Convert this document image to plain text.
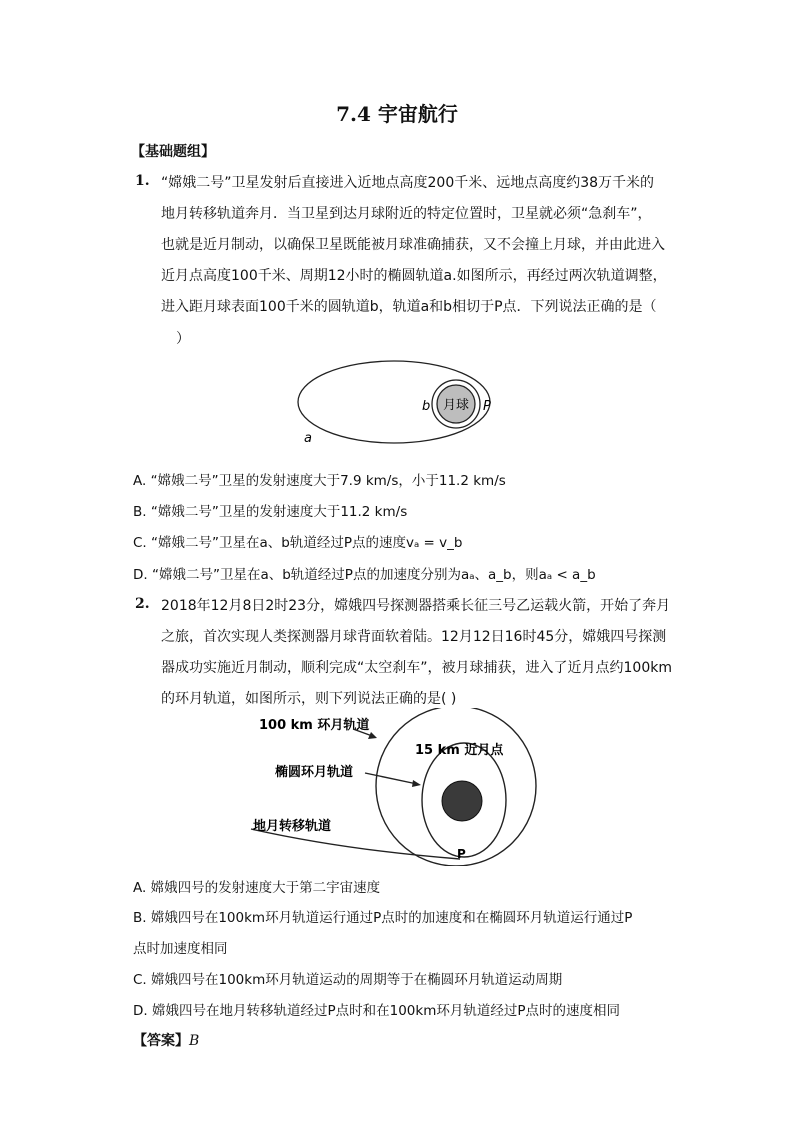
7.4 宇宙航行
【基础题组】
1. “嫦娥二号”卫星发射后直接进入近地点高度200千米、远地点高度约38万千米的
地月转移轨道奔月．当卫星到达月球附近的特定位置时，卫星就必须“急刹车”，
也就是近月制动，以确保卫星既能被月球准确捕获，又不会撞上月球，并由此进入
近月点高度100千米、周期12小时的椭圆轨道a.如图所示，再经过两次轨道调整，
进入距月球表面100千米的圆轨道b，轨道a和b相切于P点．下列说法正确的是（
）
月球
b	P
a
A. “嫦娥二号”卫星的发射速度大于7.9 km/s，小于11.2 km/s
B. “嫦娥二号”卫星的发射速度大于11.2 km/s
C. “嫦娥二号”卫星在a、b轨道经过P点的速度vₐ = v_b
D. “嫦娥二号”卫星在a、b轨道经过P点的加速度分别为aₐ、a_b，则aₐ < a_b
2. 2018年12月8日2时23分，嫦娥四号探测器搭乘长征三号乙运载火箭，开始了奔月
之旅，首次实现人类探测器月球背面软着陆。12月12日16时45分，嫦娥四号探测
器成功实施近月制动，顺利完成“太空刹车”，被月球捕获，进入了近月点约100km
的环月轨道，如图所示，则下列说法正确的是( )
100 km 环月轨道
15 km 近月点
椭圆环月轨道
地月转移轨道
P
A. 嫦娥四号的发射速度大于第二宇宙速度
B. 嫦娥四号在100km环月轨道运行通过P点时的加速度和在椭圆环月轨道运行通过P
点时加速度相同
C. 嫦娥四号在100km环月轨道运动的周期等于在椭圆环月轨道运动周期
D. 嫦娥四号在地月转移轨道经过P点时和在100km环月轨道经过P点时的速度相同
【答案】B
